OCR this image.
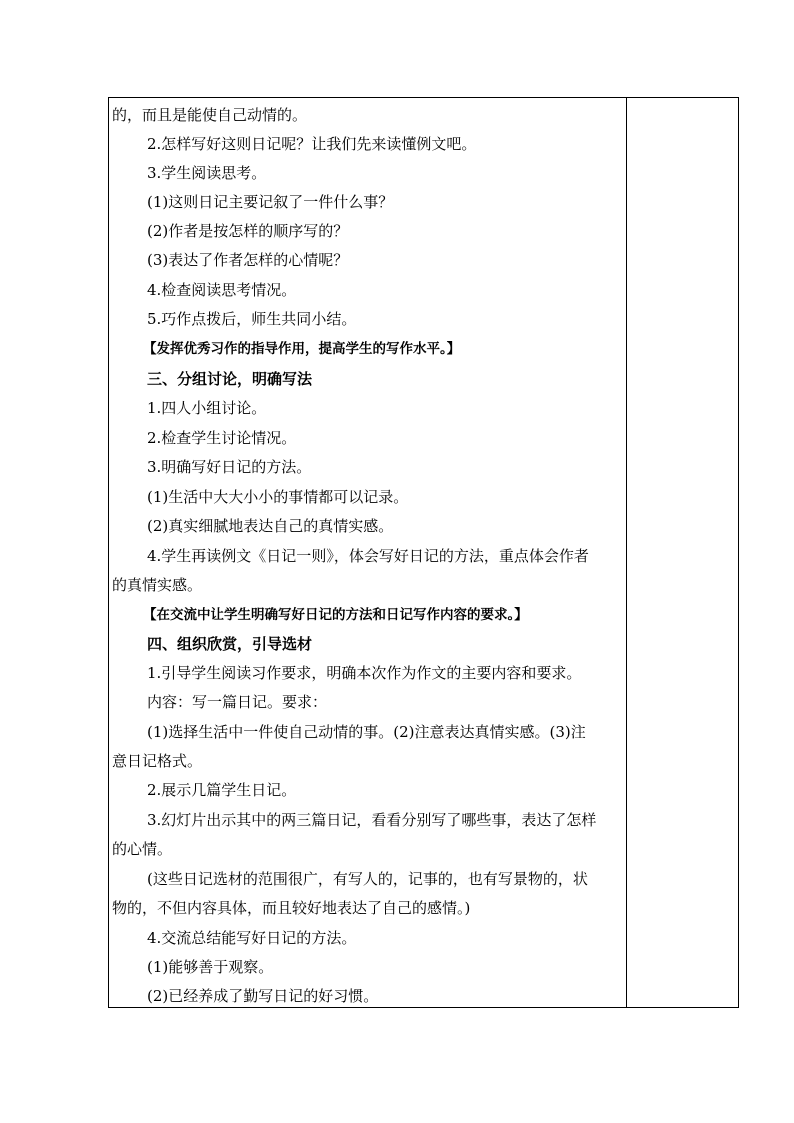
的，而且是能使自己动情的。
2.怎样写好这则日记呢？让我们先来读懂例文吧。
3.学生阅读思考。
(1)这则日记主要记叙了一件什么事？
(2)作者是按怎样的顺序写的？
(3)表达了作者怎样的心情呢？
4.检查阅读思考情况。
5.巧作点拨后，师生共同小结。
【发挥优秀习作的指导作用，提高学生的写作水平。】
三、分组讨论，明确写法
1.四人小组讨论。
2.检查学生讨论情况。
3.明确写好日记的方法。
(1)生活中大大小小的事情都可以记录。
(2)真实细腻地表达自己的真情实感。
4.学生再读例文《日记一则》，体会写好日记的方法，重点体会作者
的真情实感。
【在交流中让学生明确写好日记的方法和日记写作内容的要求。】
四、组织欣赏，引导选材
1.引导学生阅读习作要求，明确本次作为作文的主要内容和要求。
内容：写一篇日记。要求：
(1)选择生活中一件使自己动情的事。(2)注意表达真情实感。(3)注
意日记格式。
2.展示几篇学生日记。
3.幻灯片出示其中的两三篇日记，看看分别写了哪些事，表达了怎样
的心情。
(这些日记选材的范围很广，有写人的，记事的，也有写景物的，状
物的，不但内容具体，而且较好地表达了自己的感情。)
4.交流总结能写好日记的方法。
(1)能够善于观察。
(2)已经养成了勤写日记的好习惯。
